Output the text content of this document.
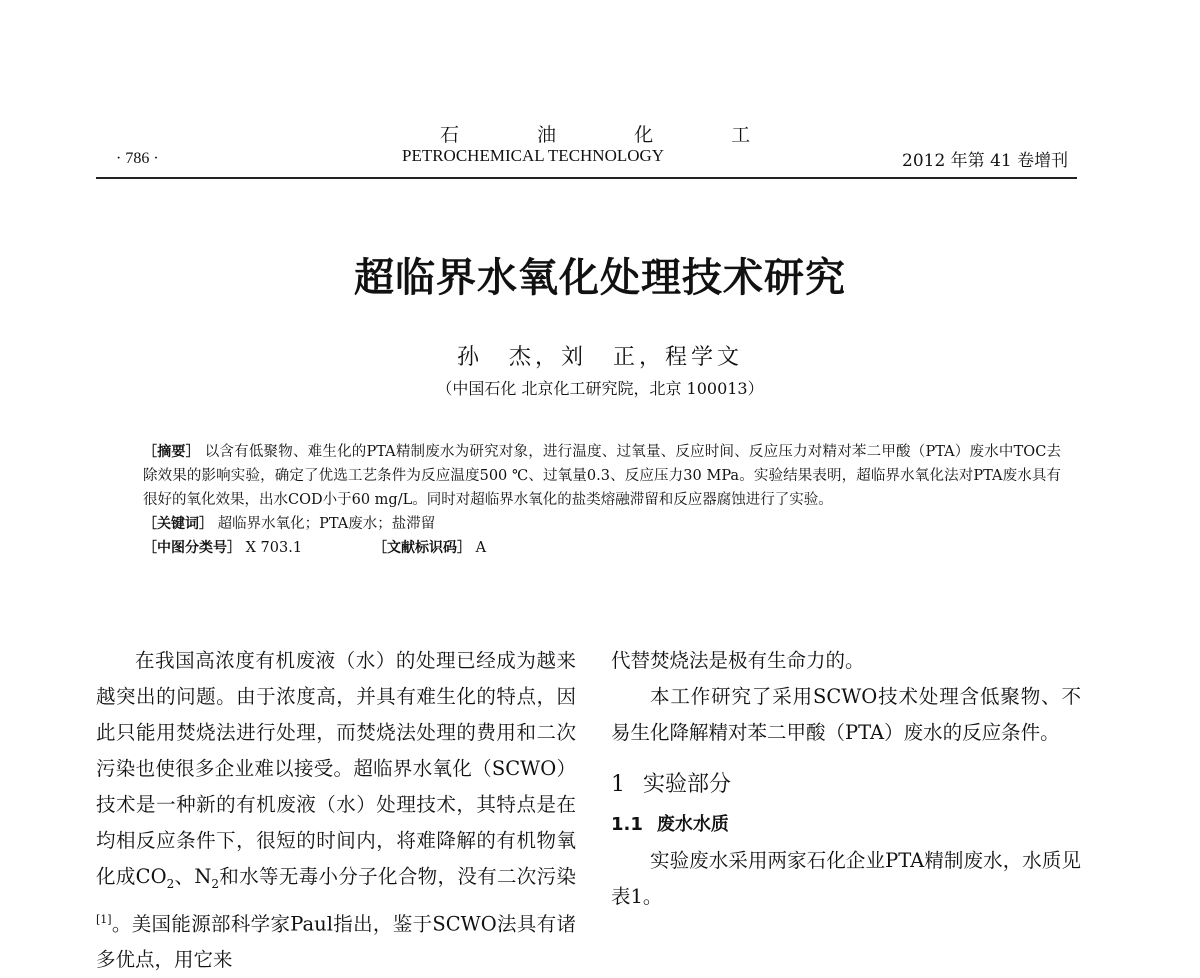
石 油 化 工
PETROCHEMICAL TECHNOLOGY
· 786 ·	2012 年第 41 卷增刊
超临界水氧化处理技术研究
孙　杰，刘　正，程学文
（中国石化 北京化工研究院，北京 100013）

［摘要］ 以含有低聚物、难生化的PTA精制废水为研究对象，进行温度、过氧量、反应时间、反应压力对精对苯二甲酸（PTA）废水中TOC去除效果的影响实验，确定了优选工艺条件为反应温度500 ℃、过氧量0.3、反应压力30 MPa。实验结果表明，超临界水氧化法对PTA废水具有很好的氧化效果，出水COD小于60 mg/L。同时对超临界水氧化的盐类熔融滞留和反应器腐蚀进行了实验。

［关键词］ 超临界水氧化；PTA废水；盐滞留

［中图分类号］ X 703.1	［文献标识码］ A

在我国高浓度有机废液（水）的处理已经成为越来越突出的问题。由于浓度高，并具有难生化的特点，因此只能用焚烧法进行处理，而焚烧法处理的费用和二次污染也使很多企业难以接受。超临界水氧化（SCWO）技术是一种新的有机废液（水）处理技术，其特点是在均相反应条件下，很短的时间内，将难降解的有机物氧化成$CO_2$、$N_2$和水等无毒小分子化合物，没有二次污染[1]。美国能源部科学家Paul指出，鉴于SCWO法具有诸多优点，用它来

代替焚烧法是极有生命力的。

本工作研究了采用SCWO技术处理含低聚物、不易生化降解精对苯二甲酸（PTA）废水的反应条件。

1 实验部分
1.1 废水水质

实验废水采用两家石化企业PTA精制废水，水质见表1。
